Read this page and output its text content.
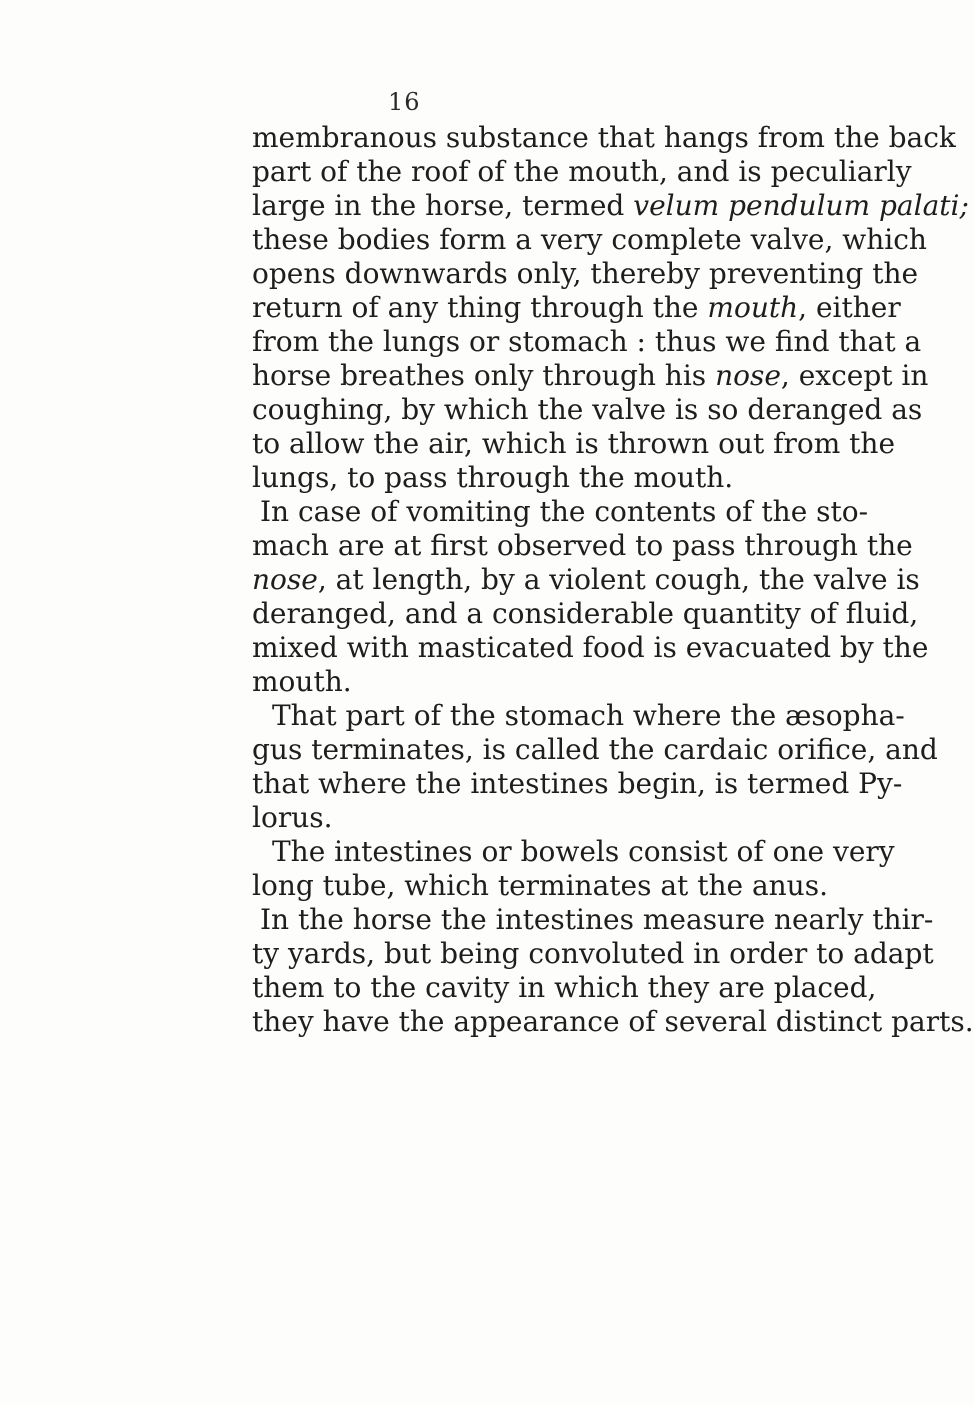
16
membranous substance that hangs from the back
part of the roof of the mouth, and is peculiarly
large in the horse, termed velum pendulum palati;
these bodies form a very complete valve, which
opens downwards only, thereby preventing the
return of any thing through the mouth, either
from the lungs or stomach : thus we find that a
horse breathes only through his nose, except in
coughing, by which the valve is so deranged as
to allow the air, which is thrown out from the
lungs, to pass through the mouth.
In case of vomiting the contents of the sto-
mach are at first observed to pass through the
nose, at length, by a violent cough, the valve is
deranged, and a considerable quantity of fluid,
mixed with masticated food is evacuated by the
mouth.
That part of the stomach where the æsopha-
gus terminates, is called the cardaic orifice, and
that where the intestines begin, is termed Py-
lorus.
The intestines or bowels consist of one very
long tube, which terminates at the anus.
In the horse the intestines measure nearly thir-
ty yards, but being convoluted in order to adapt
them to the cavity in which they are placed,
they have the appearance of several distinct parts.
